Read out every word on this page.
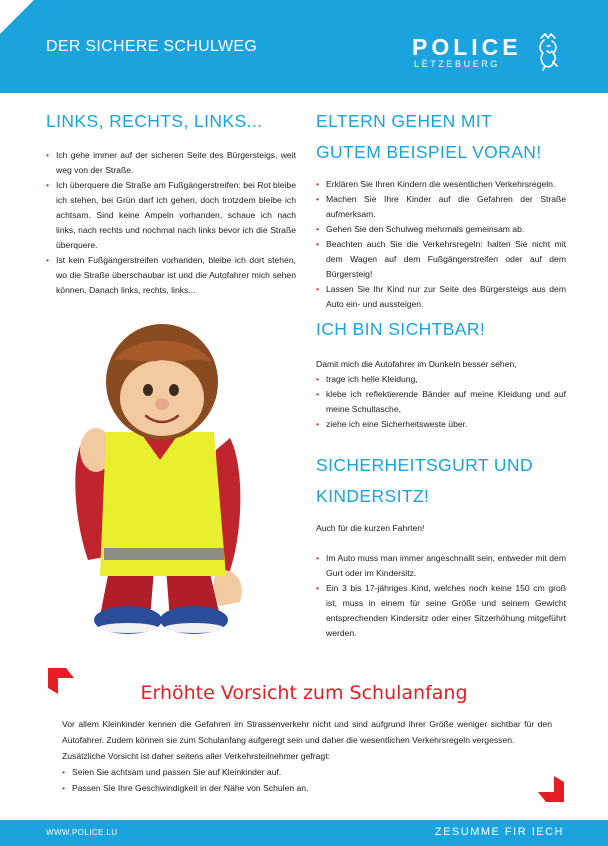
DER SICHERE SCHULWEG	POLICE
LËTZEBUERG
LINKS, RECHTS, LINKS...
• Ich gehe immer auf der sicheren Seite des Bürgersteigs, weit weg von der Straße.
• Ich überquere die Straße am Fußgängerstreifen: bei Rot bleibe ich stehen, bei Grün darf ich gehen, doch trotzdem bleibe ich achtsam. Sind keine Ampeln vorhanden, schaue ich nach links, nach rechts und nochmal nach links bevor ich die Straße überquere.
• Ist kein Fußgängerstreifen vorhanden, bleibe ich dort stehen, wo die Straße überschaubar ist und die Autofahrer mich sehen können. Danach links, rechts, links...
ELTERN GEHEN MIT
GUTEM BEISPIEL VORAN!
• Erklären Sie Ihren Kindern die wesentlichen Verkehrsregeln.
• Machen Sie Ihre Kinder auf die Gefahren der Straße aufmerksam.
• Gehen Sie den Schulweg mehrmals gemeinsam ab.
• Beachten auch Sie die Verkehrsregeln: halten Sie nicht mit dem Wagen auf dem Fußgängerstreifen oder auf dem Bürgersteig!
• Lassen Sie Ihr Kind nur zur Seite des Bürgersteigs aus dem Auto ein- und aussteigen.
ICH BIN SICHTBAR!
Damit mich die Autofahrer im Dunkeln besser sehen,
• trage ich helle Kleidung,
• klebe ich reflektierende Bänder auf meine Kleidung und auf meine Schultasche,
• ziehe ich eine Sicherheitsweste über.
SICHERHEITSGURT UND
KINDERSITZ!
Auch für die kurzen Fahrten!
• Im Auto muss man immer angeschnallt sein, entweder mit dem Gurt oder im Kindersitz.
• Ein 3 bis 17-jähriges Kind, welches noch keine 150 cm groß ist, muss in einem für seine Größe und seinem Gewicht entsprechenden Kindersitz oder einer Sitzerhöhung mitgeführt werden.
Erhöhte Vorsicht zum Schulanfang

Vor allem Kleinkinder kennen die Gefahren im Strassenverkehr nicht und sind aufgrund ihrer Größe weniger sichtbar für den Autofahrer. Zudem können sie zum Schulanfang aufgeregt sein und daher die wesentlichen Verkehrsregeln vergessen.

Zusätzliche Vorsicht ist daher seitens aller Verkehrsteilnehmer gefragt:

• Seien Sie achtsam und passen Sie auf Kleinkinder auf.
• Passen Sie Ihre Geschwindigkeit in der Nähe von Schulen an.
WWW.POLICE.LU	ZESUMME FIR IECH
